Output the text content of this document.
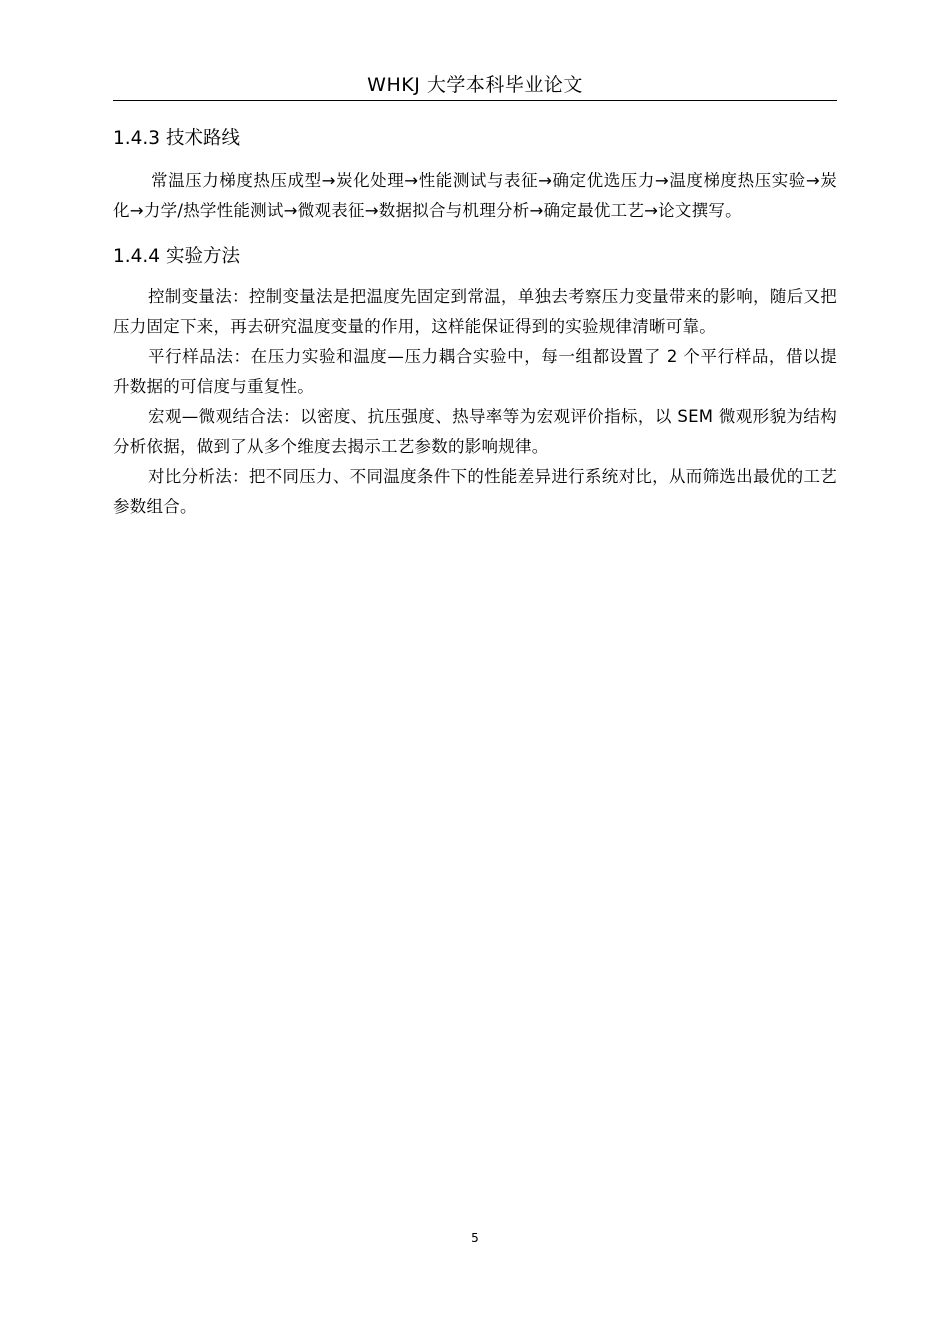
WHKJ 大学本科毕业论文
1.4.3 技术路线

常温压力梯度热压成型→炭化处理→性能测试与表征→确定优选压力→温度梯度热压实验→炭化→力学/热学性能测试→微观表征→数据拟合与机理分析→确定最优工艺→论文撰写。

1.4.4 实验方法

控制变量法：控制变量法是把温度先固定到常温，单独去考察压力变量带来的影响，随后又把压力固定下来，再去研究温度变量的作用，这样能保证得到的实验规律清晰可靠。

平行样品法：在压力实验和温度—压力耦合实验中，每一组都设置了 2 个平行样品，借以提升数据的可信度与重复性。

宏观—微观结合法：以密度、抗压强度、热导率等为宏观评价指标，以 SEM 微观形貌为结构分析依据，做到了从多个维度去揭示工艺参数的影响规律。

对比分析法：把不同压力、不同温度条件下的性能差异进行系统对比，从而筛选出最优的工艺参数组合。

5
